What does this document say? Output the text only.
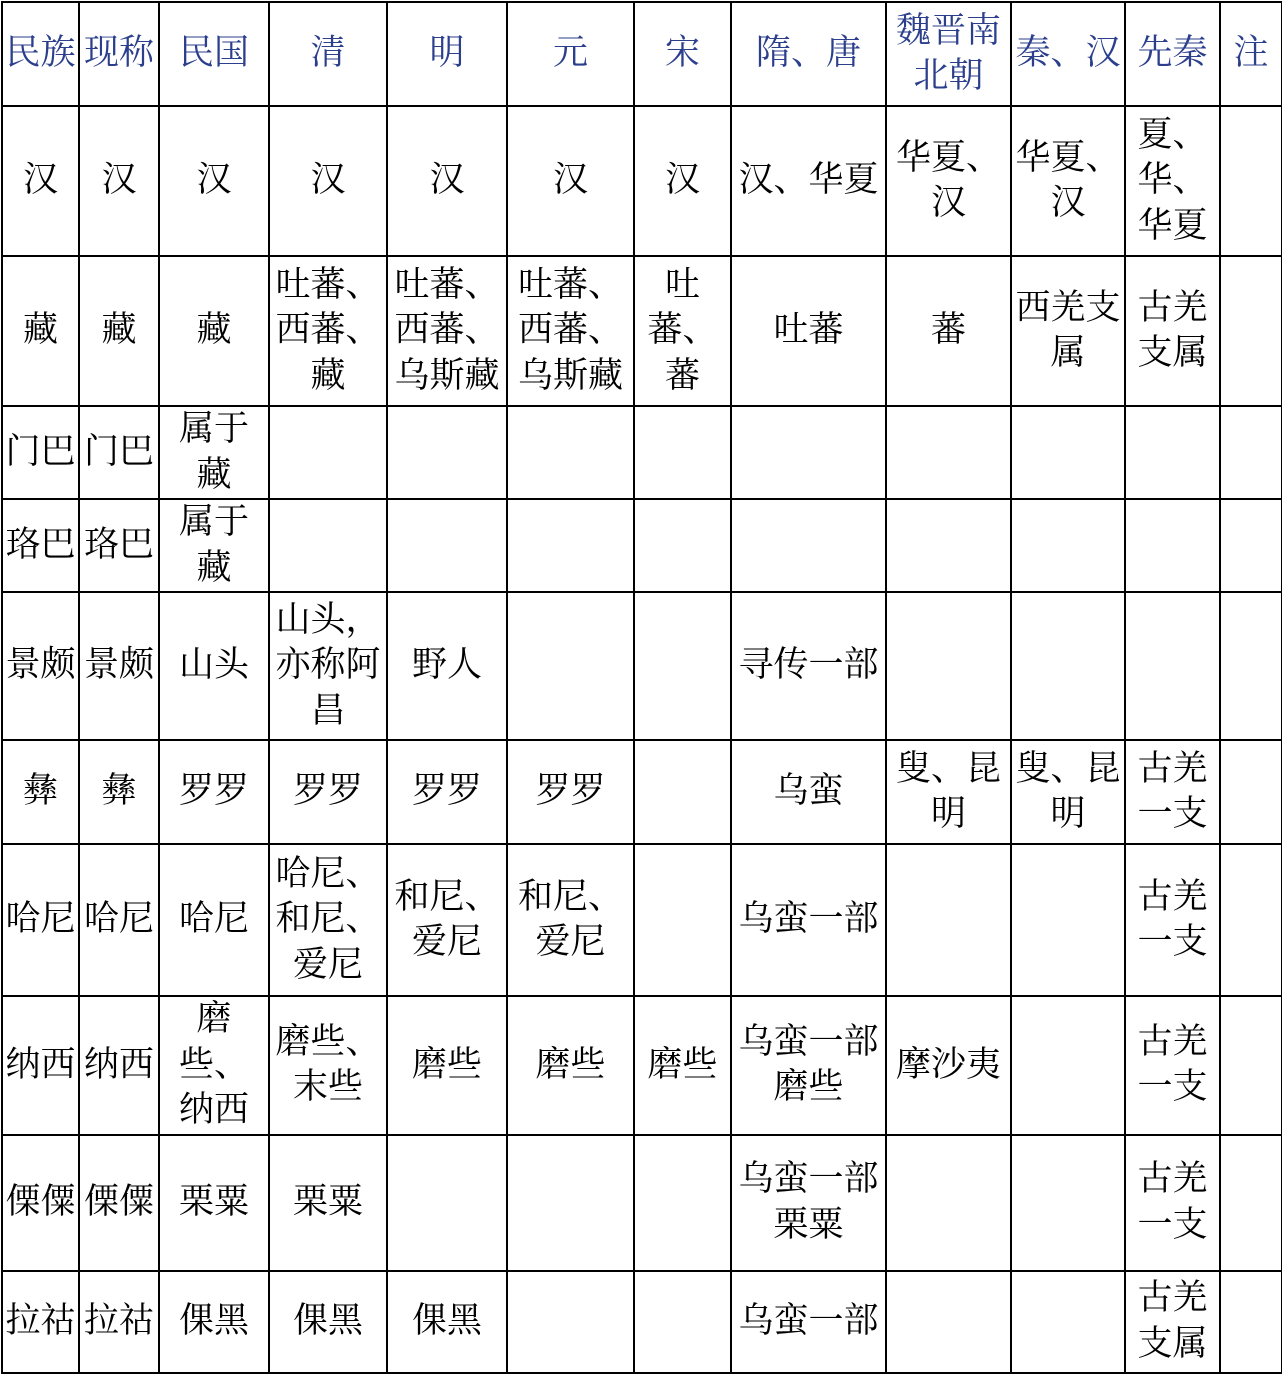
民族	现称	民国	清	明	元	宋	隋、唐	魏晋南北朝	秦、汉	先秦	注
汉	汉	汉	汉	汉	汉	汉	汉、华夏	华夏、汉	华夏、汉	夏、华、华夏	
藏	藏	藏	吐蕃、西蕃、藏	吐蕃、西蕃、乌斯藏	吐蕃、西蕃、乌斯藏	吐蕃、蕃	吐蕃	蕃	西羌支属	古羌支属	
门巴	门巴	属于藏									
珞巴	珞巴	属于藏									
景颇	景颇	山头	山头，亦称阿昌	野人			寻传一部				
彝	彝	罗罗	罗罗	罗罗	罗罗		乌蛮	叟、昆明	叟、昆明	古羌一支	
哈尼	哈尼	哈尼	哈尼、和尼、爱尼	和尼、爱尼	和尼、爱尼		乌蛮一部			古羌一支	
纳西	纳西	磨些、纳西	磨些、末些	磨些	磨些	磨些	乌蛮一部磨些	摩沙夷		古羌一支	
傈僳	傈僳	栗粟	栗粟				乌蛮一部栗粟			古羌一支	
拉祜	拉祜	倮黑	倮黑	倮黑			乌蛮一部			古羌支属	
